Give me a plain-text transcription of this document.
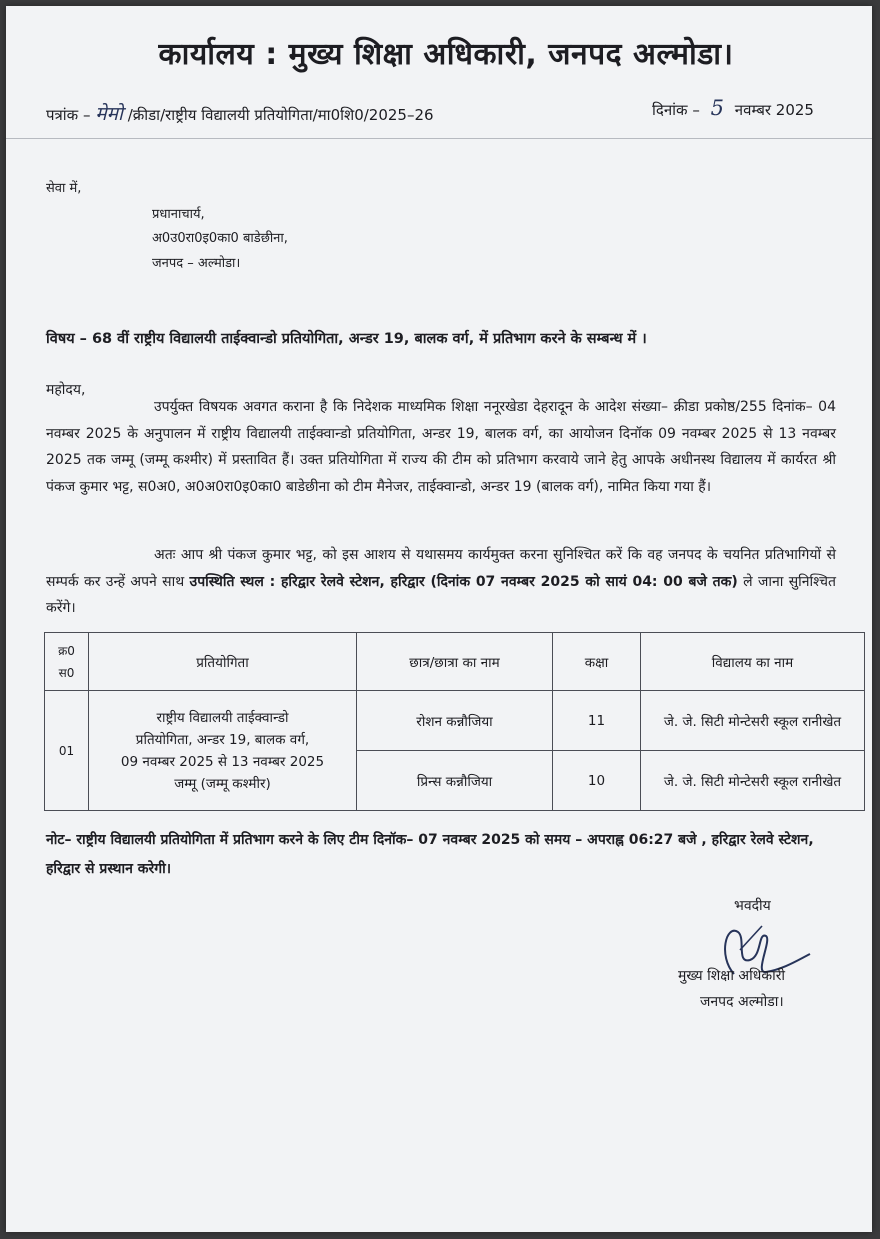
कार्यालय : मुख्य शिक्षा अधिकारी, जनपद अल्मोडा।
पत्रांक – मेमो /क्रीडा/राष्ट्रीय विद्यालयी प्रतियोगिता/मा0शि0/2025–26	दिनांक – 5 नवम्बर 2025
सेवा में,
प्रधानाचार्य,
अ0उ0रा0इ0का0 बाडेछीना,
जनपद – अल्मोडा।
विषय – 68 वीं राष्ट्रीय विद्यालयी ताईक्वान्डो प्रतियोगिता, अन्डर 19, बालक वर्ग, में प्रतिभाग करने के सम्बन्ध में ।
महोदय,
उपर्युक्त विषयक अवगत कराना है कि निदेशक माध्यमिक शिक्षा ननूरखेडा देहरादून के आदेश संख्या– क्रीडा प्रकोष्ठ/255 दिनांक– 04 नवम्बर 2025 के अनुपालन में राष्ट्रीय विद्यालयी ताईक्वान्डो प्रतियोगिता, अन्डर 19, बालक वर्ग, का आयोजन दिनॉक 09 नवम्बर 2025 से 13 नवम्बर 2025 तक जम्मू (जम्मू कश्मीर) में प्रस्तावित हैं। उक्त प्रतियोगिता में राज्य की टीम को प्रतिभाग करवाये जाने हेतु आपके अधीनस्थ विद्यालय में कार्यरत श्री पंकज कुमार भट्ट, स0अ0, अ0अ0रा0इ0का0 बाडेछीना को टीम मैनेजर, ताईक्वान्डो, अन्डर 19 (बालक वर्ग), नामित किया गया हैं।
अतः आप श्री पंकज कुमार भट्ट, को इस आशय से यथासमय कार्यमुक्त करना सुनिश्चित करें कि वह जनपद के चयनित प्रतिभागियों से सम्पर्क कर उन्हें अपने साथ उपस्थिति स्थल : हरिद्वार रेलवे स्टेशन, हरिद्वार (दिनांक 07 नवम्बर 2025 को सायं 04: 00 बजे तक) ले जाना सुनिश्चित करेंगे।
क्र0
स0	प्रतियोगिता	छात्र/छात्रा का नाम	कक्षा	विद्यालय का नाम
01	राष्ट्रीय विद्यालयी ताईक्वान्डो
प्रतियोगिता, अन्डर 19, बालक वर्ग,
09 नवम्बर 2025 से 13 नवम्बर 2025
जम्मू (जम्मू कश्मीर)	रोशन कन्नौजिया	11	जे. जे. सिटी मोन्टेसरी स्कूल रानीखेत
		प्रिन्स कन्नौजिया	10	जे. जे. सिटी मोन्टेसरी स्कूल रानीखेत
नोट– राष्ट्रीय विद्यालयी प्रतियोगिता में प्रतिभाग करने के लिए टीम दिनॉक– 07 नवम्बर 2025 को समय – अपराह्न 06:27 बजे , हरिद्वार रेलवे स्टेशन, हरिद्वार से प्रस्थान करेगी।
भवदीय
मुख्य शिक्षा अधिकारी
जनपद अल्मोडा।
